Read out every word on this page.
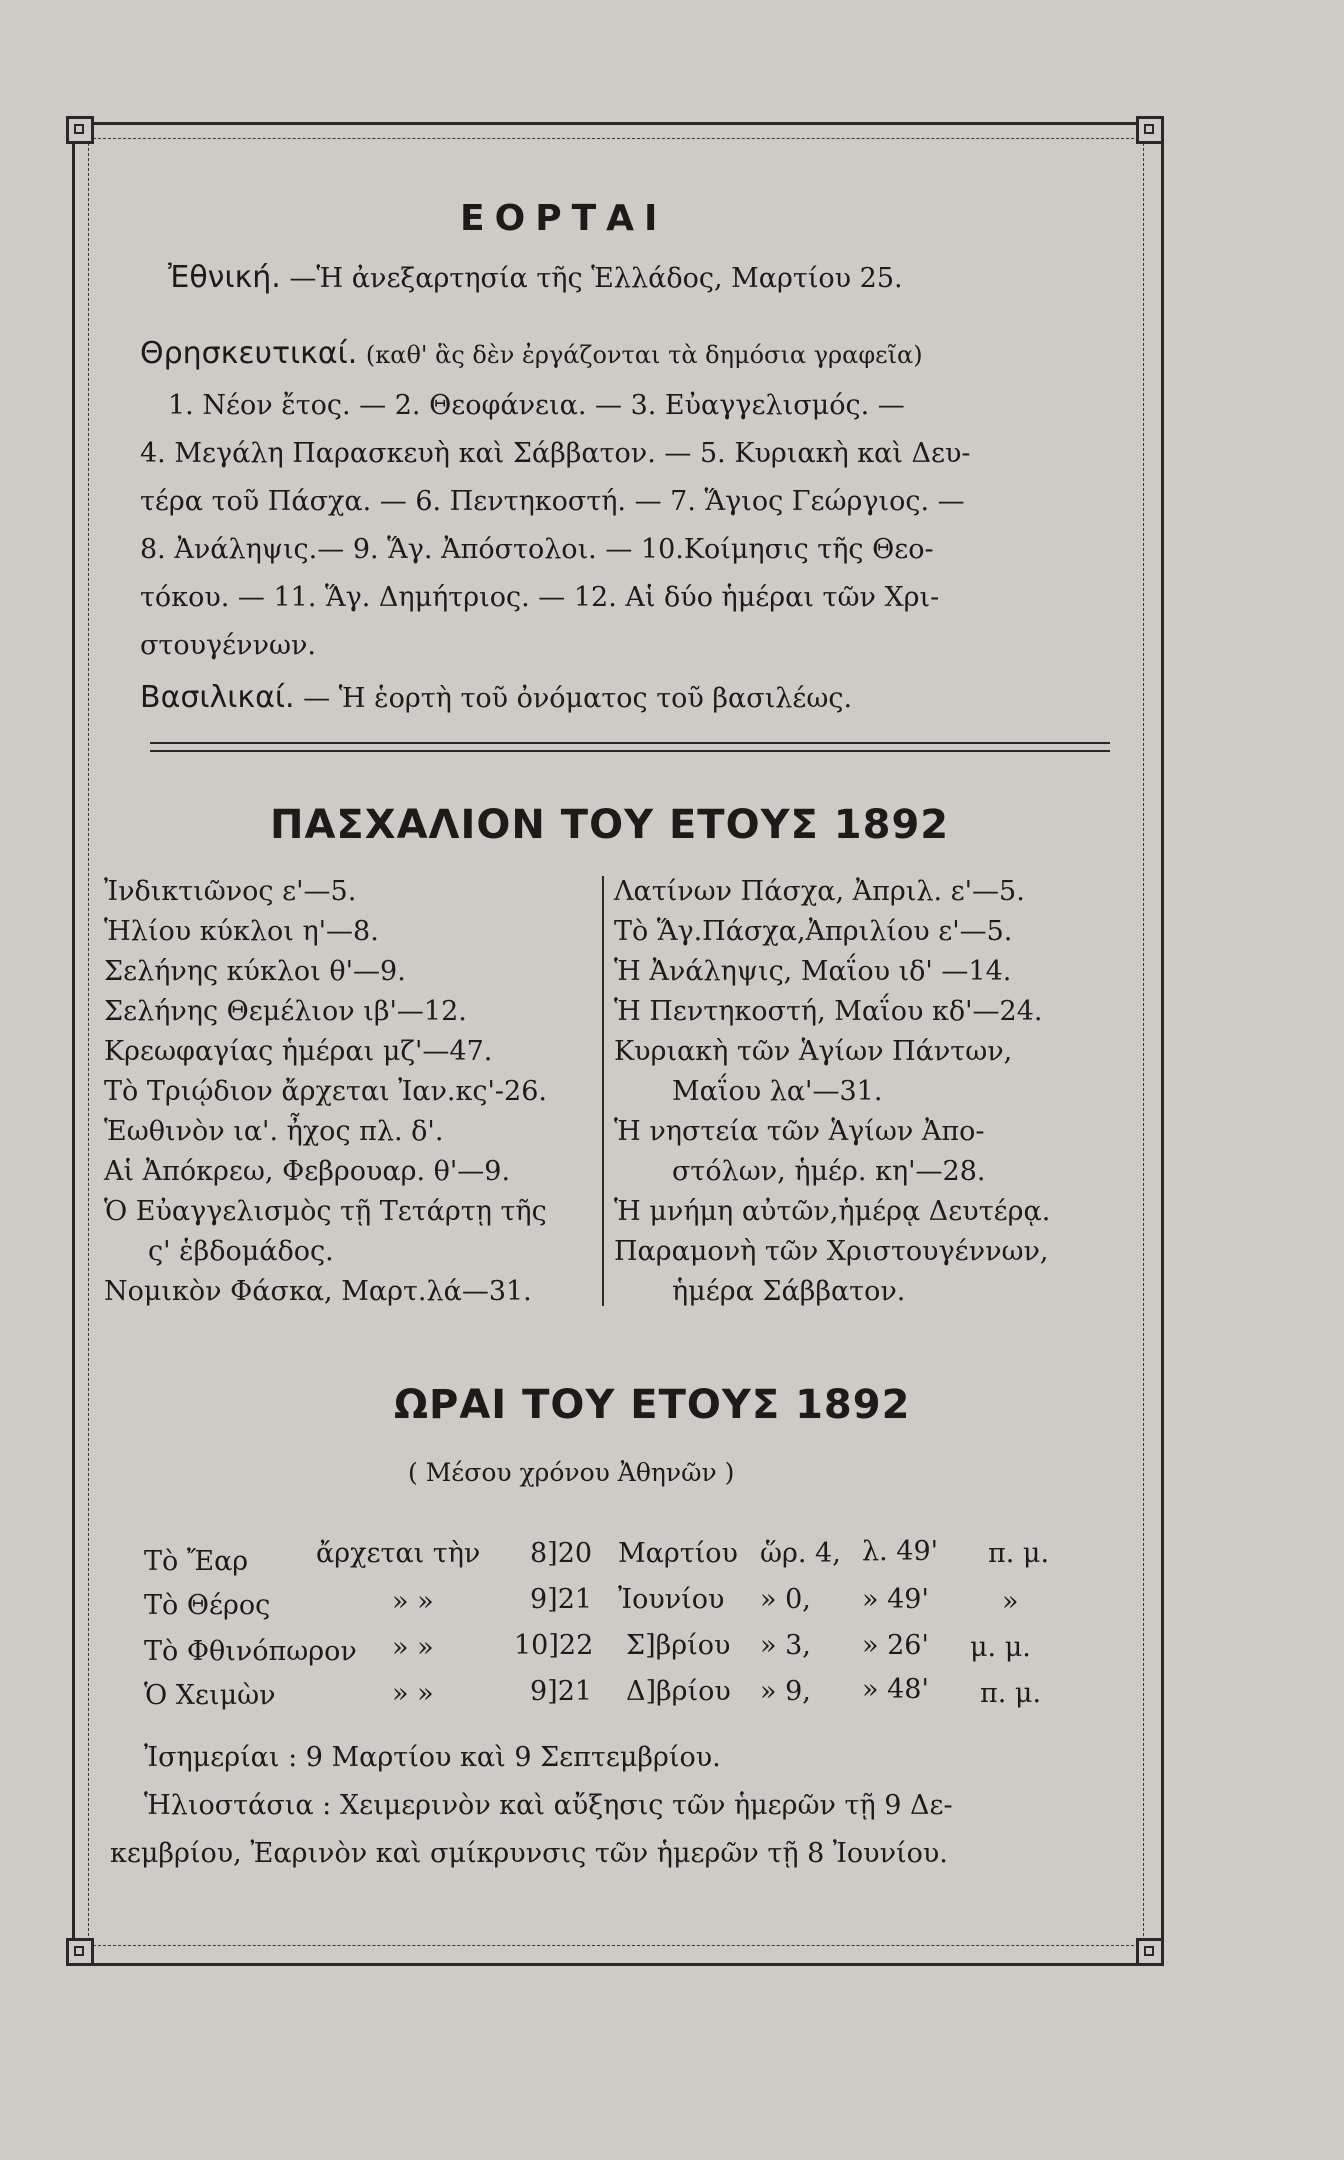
ΕΟΡΤΑΙ
Ἐθνική. —Ἡ ἀνεξαρτησία τῆς Ἑλλάδος, Μαρτίου 25.
Θρησκευτικαί. (καθ' ἃς δὲν ἐργάζονται τὰ δημόσια γραφεῖα)
1. Νέον ἔτος. — 2. Θεοφάνεια. — 3. Εὐαγγελισμός. —
4. Μεγάλη Παρασκευὴ καὶ Σάββατον. — 5. Κυριακὴ καὶ Δευ-
τέρα τοῦ Πάσχα. — 6. Πεντηκοστή. — 7. Ἅγιος Γεώργιος. —
8. Ἀνάληψις.— 9. Ἅγ. Ἀπόστολοι. — 10.Κοίμησις τῆς Θεο-
τόκου. — 11. Ἅγ. Δημήτριος. — 12. Αἱ δύο ἡμέραι τῶν Χρι-
στουγέννων.
Βασιλικαί. — Ἡ ἑορτὴ τοῦ ὀνόματος τοῦ βασιλέως.
ΠΑΣΧΑΛΙΟΝ ΤΟΥ ΕΤΟΥΣ 1892
Ἰνδικτιῶνος ε'—5.
Ἡλίου κύκλοι η'—8.
Σελήνης κύκλοι θ'—9.
Σελήνης Θεμέλιον ιβ'—12.
Κρεωφαγίας ἡμέραι μζ'—47.
Τὸ Τριῴδιον ἄρχεται Ἰαν.κς'-26.
Ἑωθινὸν ια'. ἦχος πλ. δ'.
Αἱ Ἀπόκρεω, Φεβρουαρ. θ'—9.
Ὁ Εὐαγγελισμὸς τῇ Τετάρτῃ τῆς
ς' ἑβδομάδος.
Νομικὸν Φάσκα, Μαρτ.λά—31.
Λατίνων Πάσχα, Ἀπριλ. ε'—5.
Τὸ Ἅγ.Πάσχα,Ἀπριλίου ε'—5.
Ἡ Ἀνάληψις, Μαΐου ιδ' —14.
Ἡ Πεντηκοστή, Μαΐου κδ'—24.
Κυριακὴ τῶν Ἁγίων Πάντων,
Μαΐου λα'—31.
Ἡ νηστεία τῶν Ἁγίων Ἀπο-
στόλων, ἡμέρ. κη'—28.
Ἡ μνήμη αὐτῶν,ἡμέρᾳ Δευτέρᾳ.
Παραμονὴ τῶν Χριστουγέννων,
ἡμέρα Σάββατον.
ΩΡΑΙ ΤΟΥ ΕΤΟΥΣ 1892
( Μέσου χρόνου Ἀθηνῶν )
Τὸ Ἔαρ	ἄρχεται τὴν 8]20 Μαρτίου ὥρ. 4, λ. 49' π. μ.
Τὸ Θέρος	» »	9]21 Ἰουνίου » 0, » 49'	»
Τὸ Φθινόπωρον » »	10]22 Σ]βρίου » 3, » 26' μ. μ.
Ὁ Χειμὼν	» »	9]21 Δ]βρίου » 9, » 48' π. μ.
Ἰσημερίαι : 9 Μαρτίου καὶ 9 Σεπτεμβρίου.
Ἡλιοστάσια : Χειμερινὸν καὶ αὔξησις τῶν ἡμερῶν τῇ 9 Δε-
κεμβρίου, Ἐαρινὸν καὶ σμίκρυνσις τῶν ἡμερῶν τῇ 8 Ἰουνίου.
